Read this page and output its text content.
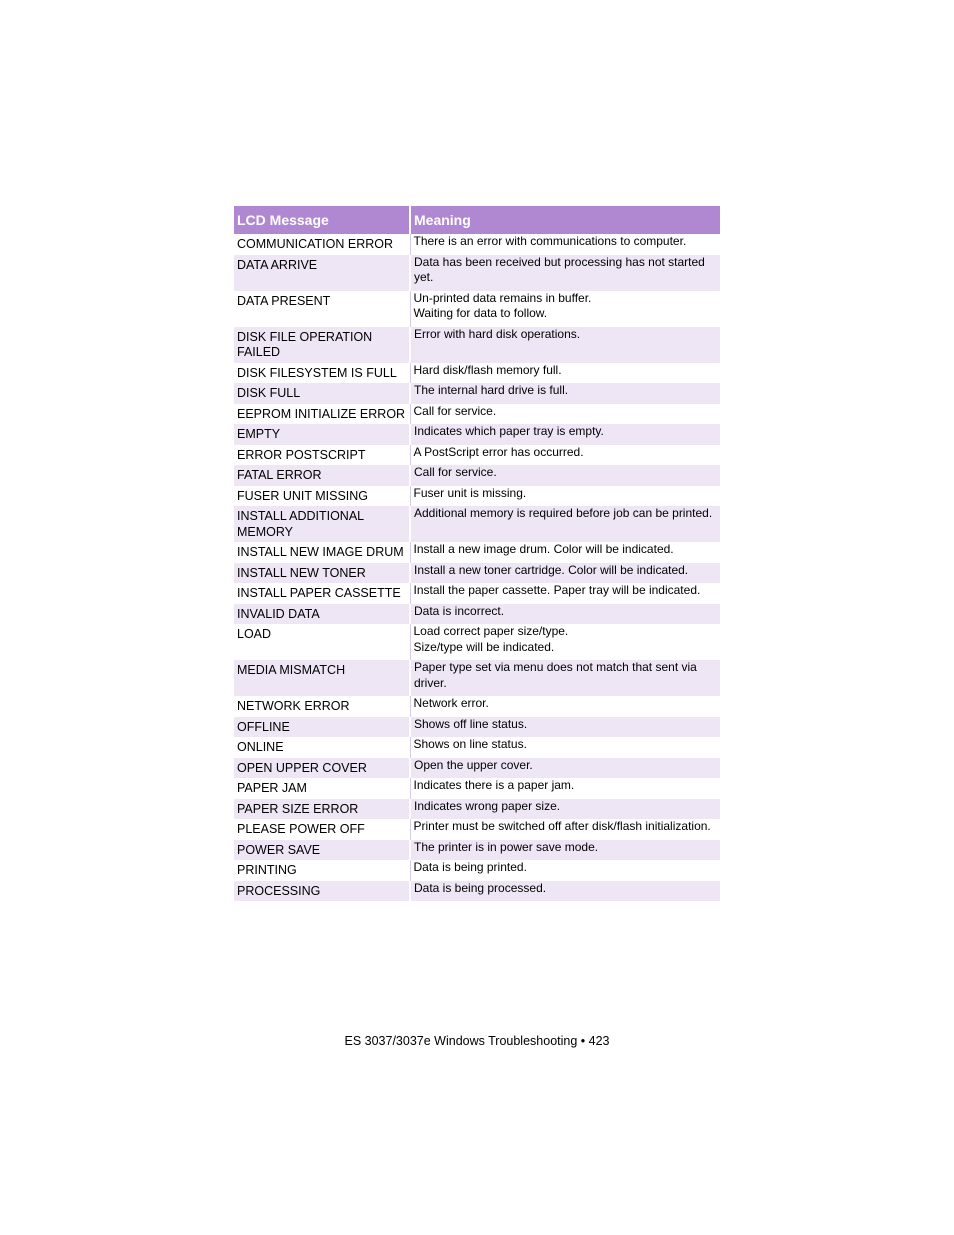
LCD Message	Meaning
COMMUNICATION ERROR	There is an error with communications to computer.
DATA ARRIVE	Data has been received but processing has not started yet.
DATA PRESENT	Un-printed data remains in buffer.
Waiting for data to follow.
DISK FILE OPERATION FAILED	Error with hard disk operations.
DISK FILESYSTEM IS FULL	Hard disk/flash memory full.
DISK FULL	The internal hard drive is full.
EEPROM INITIALIZE ERROR	Call for service.
EMPTY	Indicates which paper tray is empty.
ERROR POSTSCRIPT	A PostScript error has occurred.
FATAL ERROR	Call for service.
FUSER UNIT MISSING	Fuser unit is missing.
INSTALL ADDITIONAL MEMORY	Additional memory is required before job can be printed.
INSTALL NEW IMAGE DRUM	Install a new image drum. Color will be indicated.
INSTALL NEW TONER	Install a new toner cartridge. Color will be indicated.
INSTALL PAPER CASSETTE	Install the paper cassette. Paper tray will be indicated.
INVALID DATA	Data is incorrect.
LOAD	Load correct paper size/type.
Size/type will be indicated.
MEDIA MISMATCH	Paper type set via menu does not match that sent via driver.
NETWORK ERROR	Network error.
OFFLINE	Shows off line status.
ONLINE	Shows on line status.
OPEN UPPER COVER	Open the upper cover.
PAPER JAM	Indicates there is a paper jam.
PAPER SIZE ERROR	Indicates wrong paper size.
PLEASE POWER OFF	Printer must be switched off after disk/flash initialization.
POWER SAVE	The printer is in power save mode.
PRINTING	Data is being printed.
PROCESSING	Data is being processed.
ES 3037/3037e Windows Troubleshooting • 423
